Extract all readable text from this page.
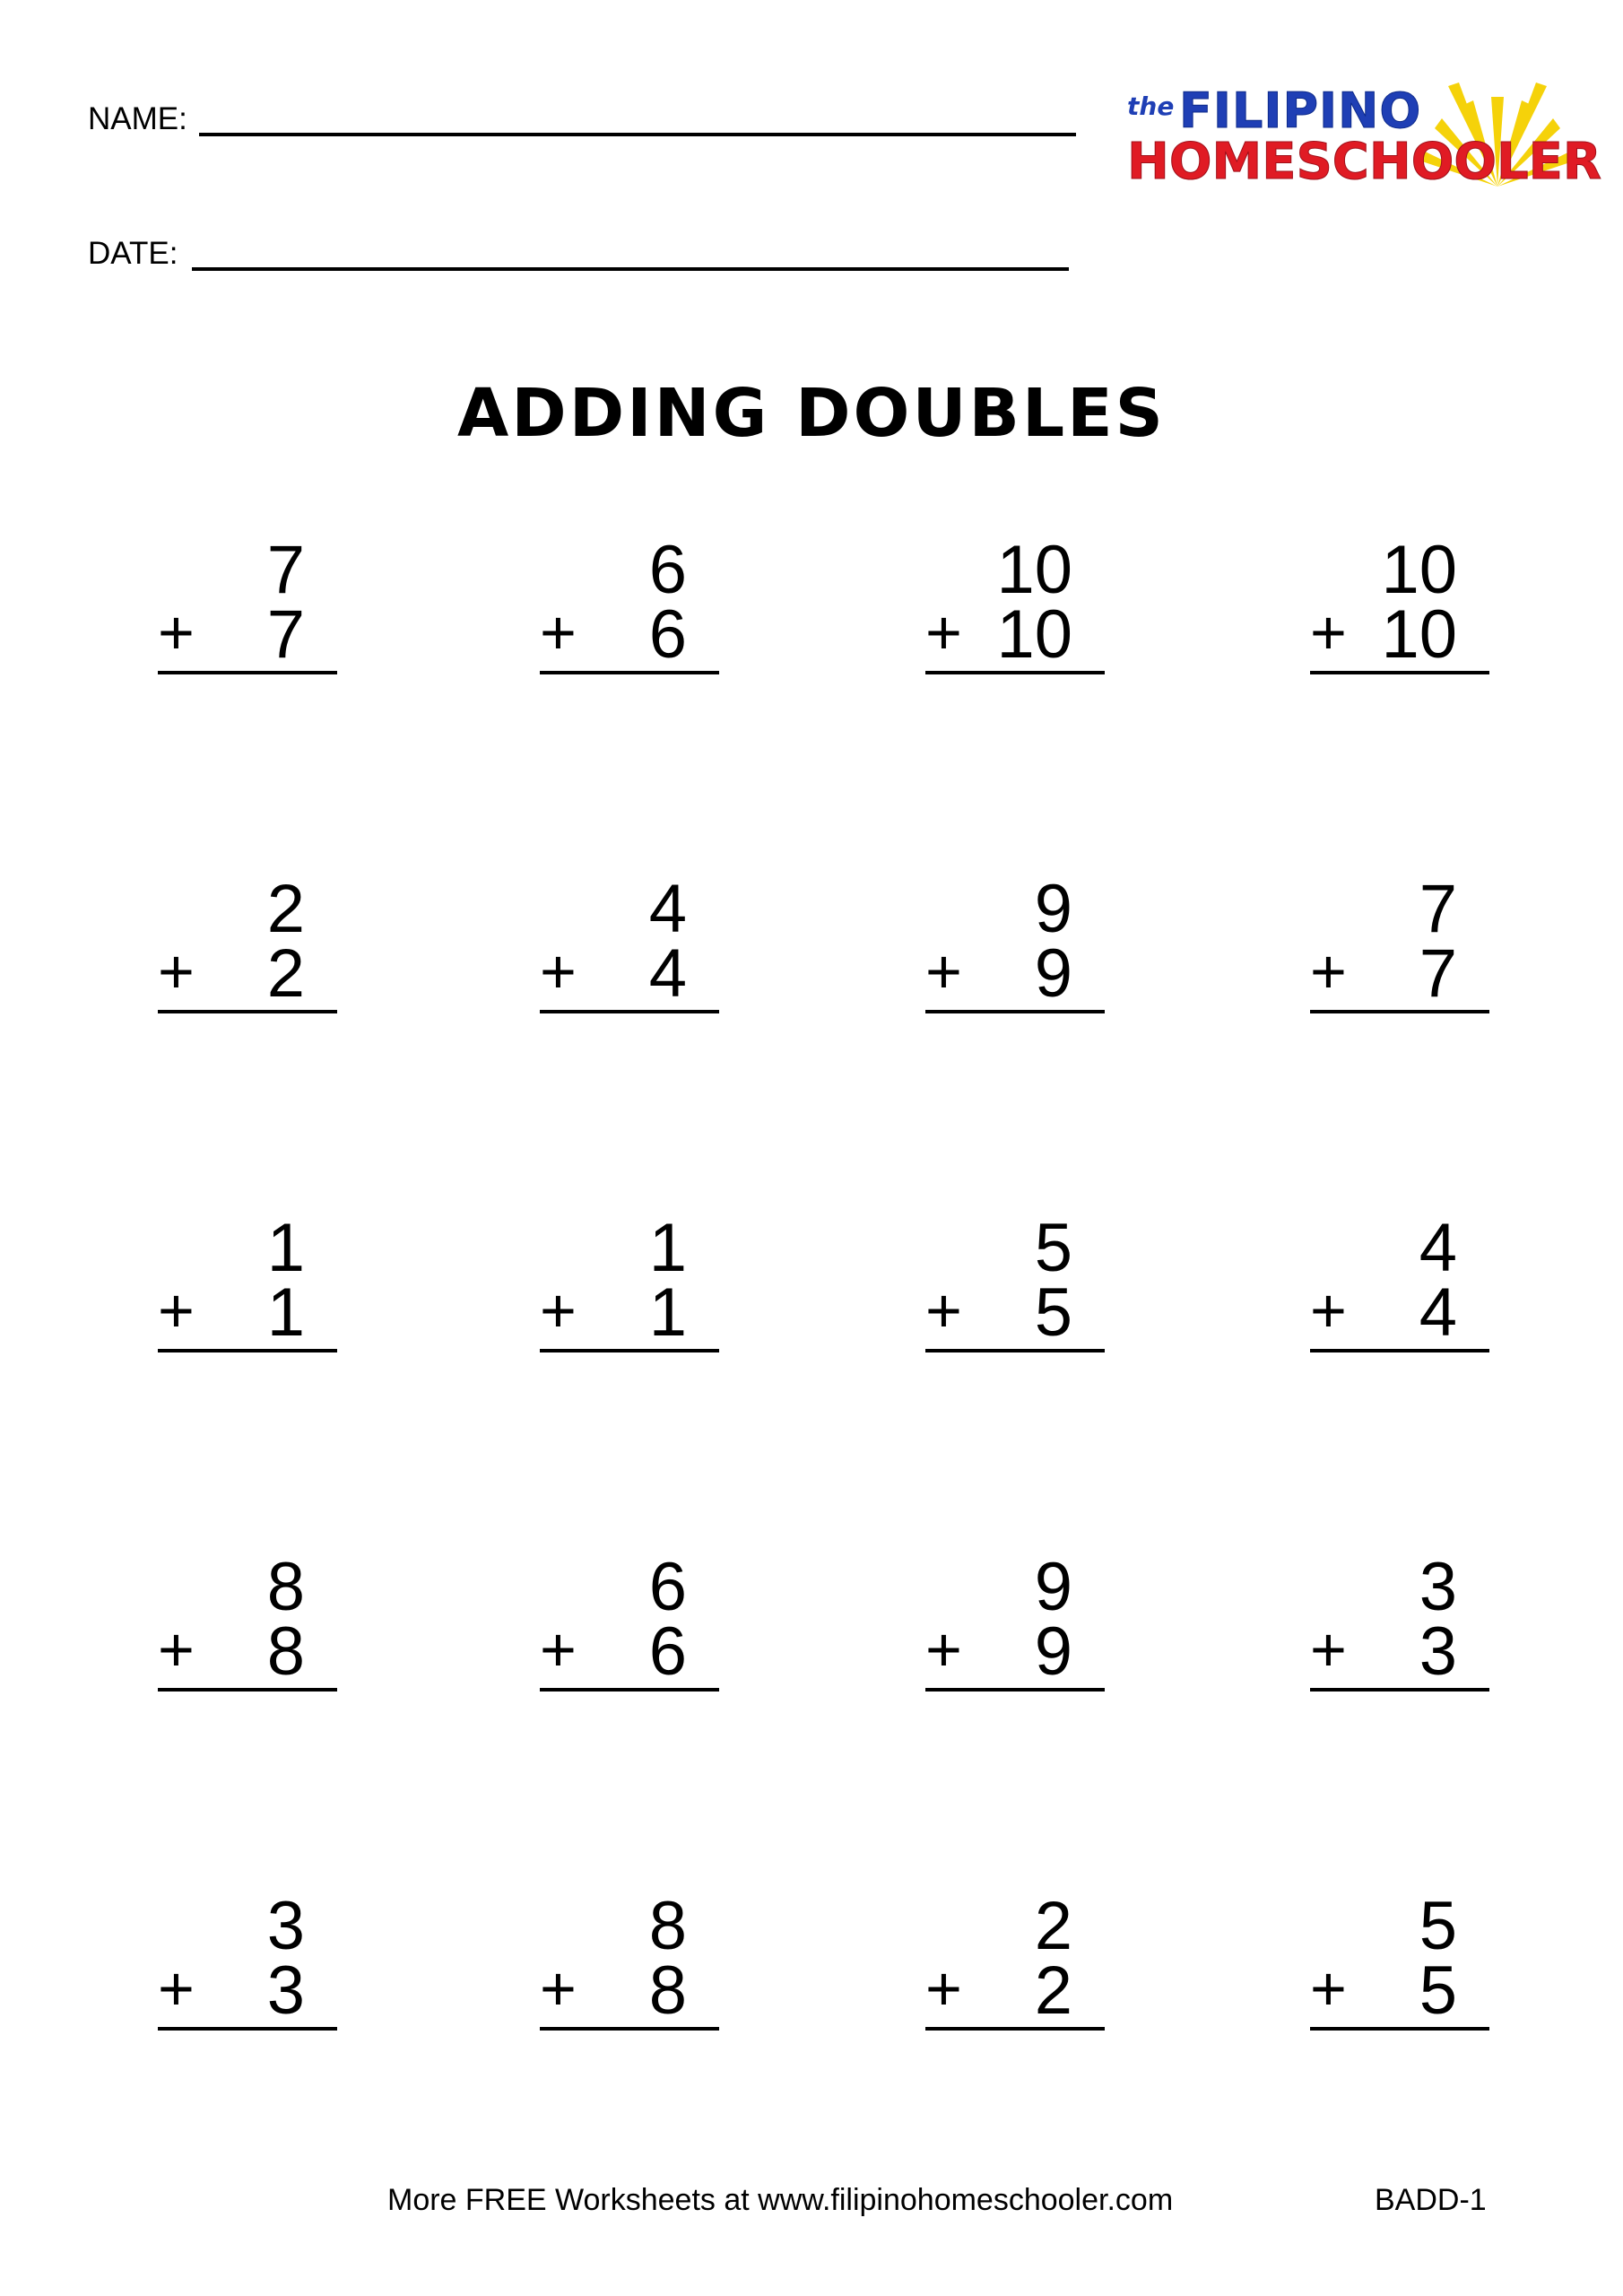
NAME:
DATE:
the FILIPINO
HOMESCHOOLER
ADDING DOUBLES
7
+ 7
6
+ 6
10
+ 10
10
+ 10
2
+ 2
4
+ 4
9
+ 9
7
+ 7
1
+ 1
1
+ 1
5
+ 5
4
+ 4
8
+ 8
6
+ 6
9
+ 9
3
+ 3
3
+ 3
8
+ 8
2
+ 2
5
+ 5
More FREE Worksheets at www.filipinohomeschooler.com	BADD-1
